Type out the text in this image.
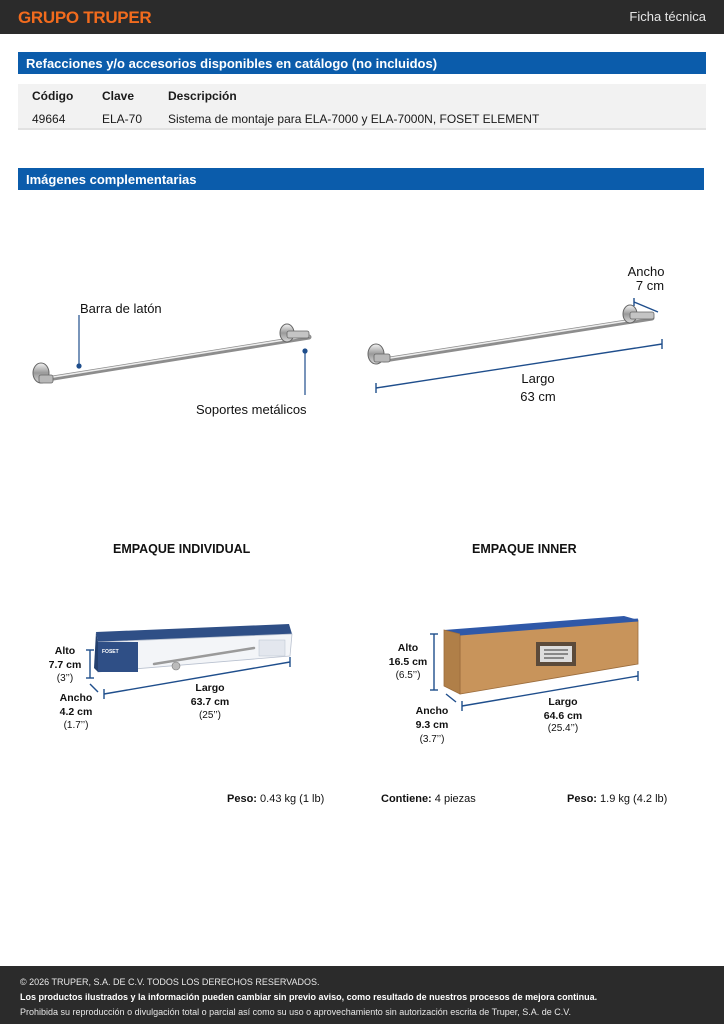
GRUPO TRUPER	Ficha técnica
Refacciones y/o accesorios disponibles en catálogo (no incluidos)
Código Clave	Descripción
49664	ELA-70 Sistema de montaje para ELA-7000 y ELA-7000N, FOSET ELEMENT
Imágenes complementarias
Barra de latón
Soportes metálicos
Ancho
7 cm
Largo
63 cm
EMPAQUE INDIVIDUAL	EMPAQUE INNER
FOSET
Alto
7.7 cm
(3’’)
Ancho
4.2 cm
(1.7’’)
Largo
63.7 cm
(25’’)
Alto
16.5 cm
(6.5’’)
Ancho
9.3 cm
(3.7’’)
Largo
64.6 cm
(25.4’’)
Peso: 0.43 kg (1 lb)	Contiene: 4 piezas	Peso: 1.9 kg (4.2 lb)
© 2026 TRUPER, S.A. DE C.V. TODOS LOS DERECHOS RESERVADOS.
Los productos ilustrados y la información pueden cambiar sin previo aviso, como resultado de nuestros procesos de mejora continua.
Prohibida su reproducción o divulgación total o parcial así como su uso o aprovechamiento sin autorización escrita de Truper, S.A. de C.V.
